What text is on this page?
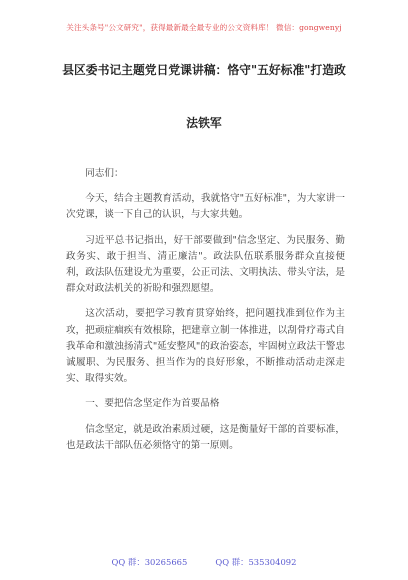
关注头条号"公文研究"，获得最新最全最专业的公文资料库！ 微信：gongwenyj
县区委书记主题党日党课讲稿：恪守"五好标准"打造政
法铁军

同志们：

今天，结合主题教育活动，我就恪守"五好标准"，为大家讲一次党课，谈一下自己的认识，与大家共勉。

习近平总书记指出，好干部要做到"信念坚定、为民服务、勤政务实、敢于担当、清正廉洁"。政法队伍联系服务群众直接便利，政法队伍建设尤为重要，公正司法、文明执法、带头守法，是群众对政法机关的祈盼和强烈愿望。

这次活动，要把学习教育贯穿始终，把问题找准到位作为主攻，把顽症痼疾有效根除，把建章立制一体推进，以刮骨疗毒式自我革命和激浊扬清式"延安整风"的政治姿态，牢固树立政法干警忠诚履职、为民服务、担当作为的良好形象，不断推动活动走深走实、取得实效。

一、要把信念坚定作为首要品格

信念坚定，就是政治素质过硬，这是衡量好干部的首要标准，也是政法干部队伍必须恪守的第一原则。

QQ 群：30265665	QQ 群：535304092
